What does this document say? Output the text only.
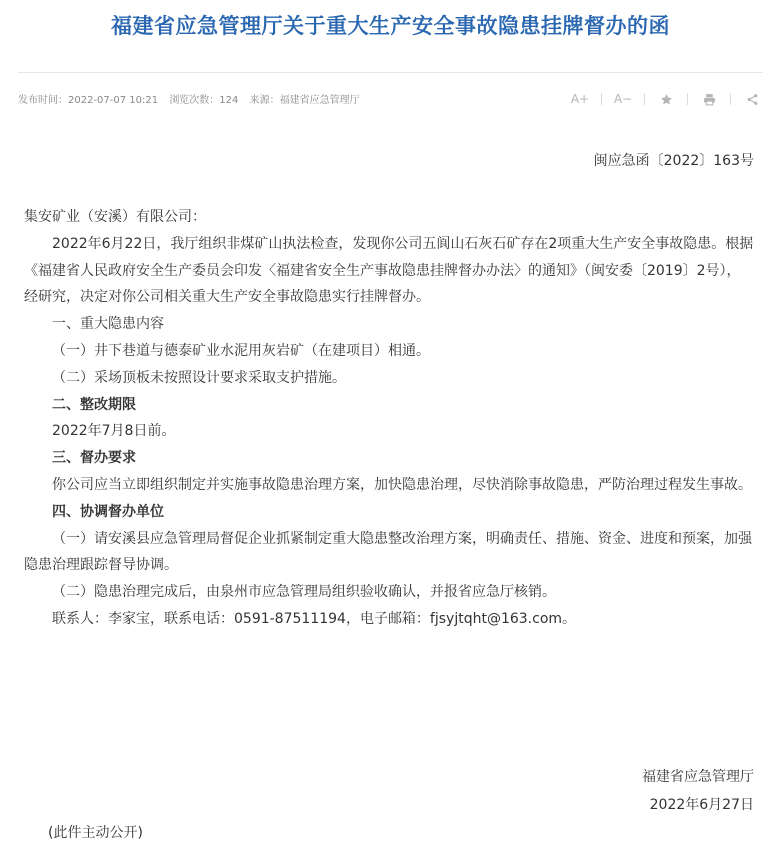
福建省应急管理厅关于重大生产安全事故隐患挂牌督办的函
发布时间：2022-07-07 10:21 浏览次数：124 来源：福建省应急管理厅	A+ A−
闽应急函〔2022〕163号

集安矿业（安溪）有限公司：

2022年6月22日，我厅组织非煤矿山执法检查，发现你公司五阆山石灰石矿存在2项重大生产安全事故隐患。根据《福建省人民政府安全生产委员会印发〈福建省安全生产事故隐患挂牌督办办法〉的通知》（闽安委〔2019〕2号），经研究，决定对你公司相关重大生产安全事故隐患实行挂牌督办。

一、重大隐患内容

（一）井下巷道与德泰矿业水泥用灰岩矿（在建项目）相通。

（二）采场顶板未按照设计要求采取支护措施。

二、整改期限

2022年7月8日前。

三、督办要求

你公司应当立即组织制定并实施事故隐患治理方案，加快隐患治理，尽快消除事故隐患，严防治理过程发生事故。

四、协调督办单位

（一）请安溪县应急管理局督促企业抓紧制定重大隐患整改治理方案，明确责任、措施、资金、进度和预案，加强隐患治理跟踪督导协调。

（二）隐患治理完成后，由泉州市应急管理局组织验收确认，并报省应急厅核销。

联系人：李家宝，联系电话：0591-87511194，电子邮箱：fjsyjtqht@163.com。

福建省应急管理厅
2022年6月27日
(此件主动公开)
